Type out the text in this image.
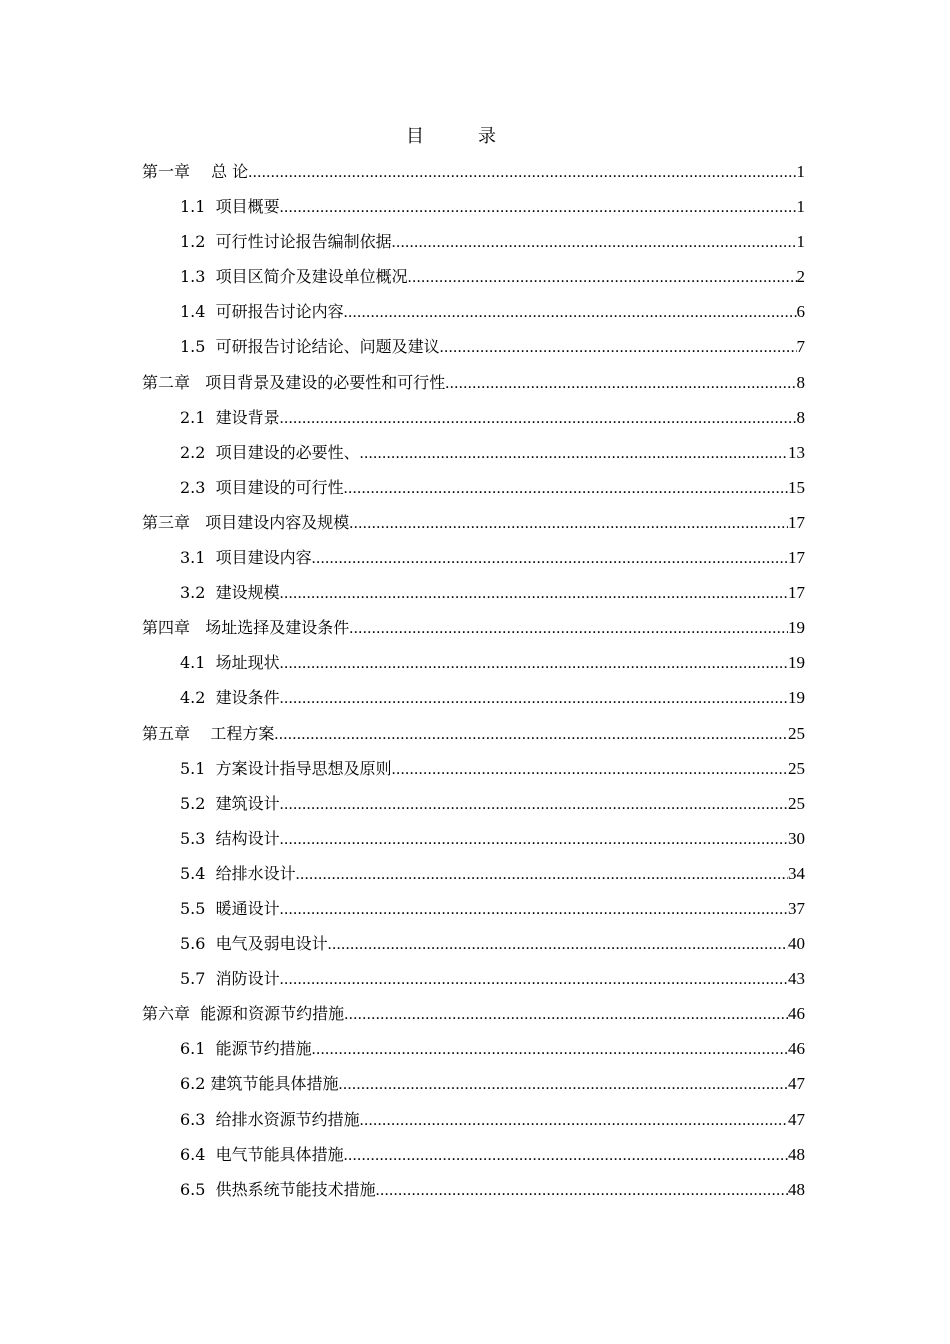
目　录
第一章　 总 论 .....	1
1.1  项目概要 .....	1
1.2  可行性讨论报告编制依据 .....	1
1.3  项目区简介及建设单位概况 .....	2
1.4  可研报告讨论内容 .....	6
1.5  可研报告讨论结论、问题及建议 .....	7
第二章   项目背景及建设的必要性和可行性 .....	8
2.1  建设背景 .....	8
2.2  项目建设的必要性、 .....	13
2.3  项目建设的可行性 .....	15
第三章   项目建设内容及规模 .....	17
3.1  项目建设内容 .....	17
3.2  建设规模 .....	17
第四章   场址选择及建设条件 .....	19
4.1  场址现状 .....	19
4.2  建设条件 .....	19
第五章    工程方案 .....	25
5.1  方案设计指导思想及原则 .....	25
5.2  建筑设计 .....	25
5.3  结构设计 .....	30
5.4  给排水设计 .....	34
5.5  暖通设计 .....	37
5.6  电气及弱电设计 .....	40
5.7  消防设计 .....	43
第六章  能源和资源节约措施 .....	46
6.1  能源节约措施 .....	46
6.2 建筑节能具体措施 .....	47
6.3  给排水资源节约措施 .....	47
6.4  电气节能具体措施 .....	48
6.5  供热系统节能技术措施 .....	48
